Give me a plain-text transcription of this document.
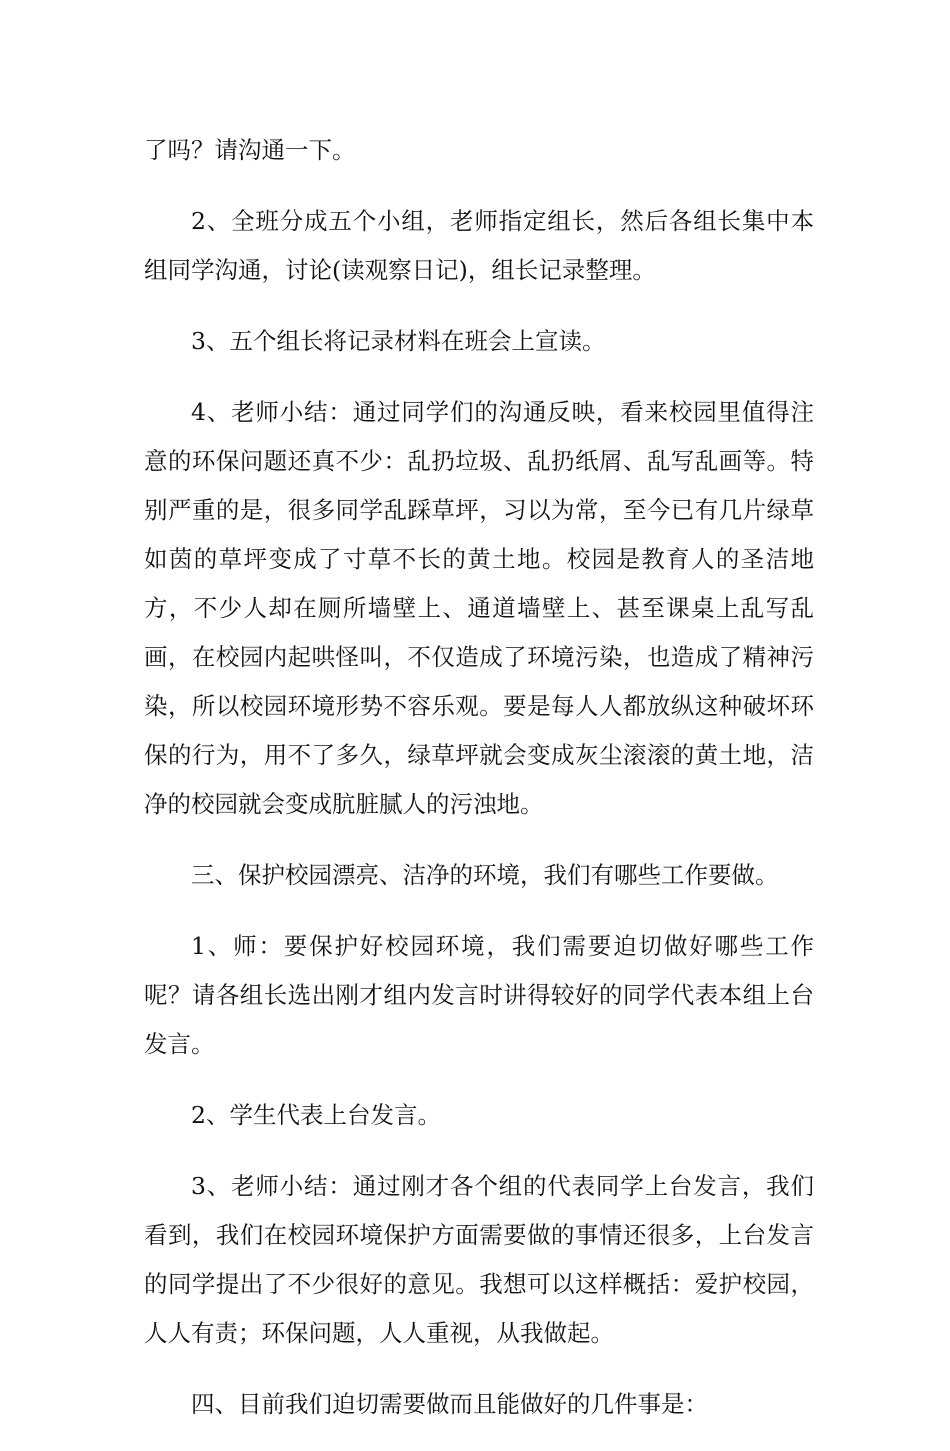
了吗？请沟通一下。

2、全班分成五个小组，老师指定组长，然后各组长集中本组同学沟通，讨论(读观察日记)，组长记录整理。

3、五个组长将记录材料在班会上宣读。

4、老师小结：通过同学们的沟通反映，看来校园里值得注意的环保问题还真不少：乱扔垃圾、乱扔纸屑、乱写乱画等。特别严重的是，很多同学乱踩草坪，习以为常，至今已有几片绿草如茵的草坪变成了寸草不长的黄土地。校园是教育人的圣洁地方，不少人却在厕所墙壁上、通道墙壁上、甚至课桌上乱写乱画，在校园内起哄怪叫，不仅造成了环境污染，也造成了精神污染，所以校园环境形势不容乐观。要是每人人都放纵这种破坏环保的行为，用不了多久，绿草坪就会变成灰尘滚滚的黄土地，洁净的校园就会变成肮脏腻人的污浊地。

三、保护校园漂亮、洁净的环境，我们有哪些工作要做。

1、师：要保护好校园环境，我们需要迫切做好哪些工作呢？请各组长选出刚才组内发言时讲得较好的同学代表本组上台发言。

2、学生代表上台发言。

3、老师小结：通过刚才各个组的代表同学上台发言，我们看到，我们在校园环境保护方面需要做的事情还很多，上台发言的同学提出了不少很好的意见。我想可以这样概括：爱护校园，人人有责；环保问题，人人重视，从我做起。

四、目前我们迫切需要做而且能做好的几件事是：
